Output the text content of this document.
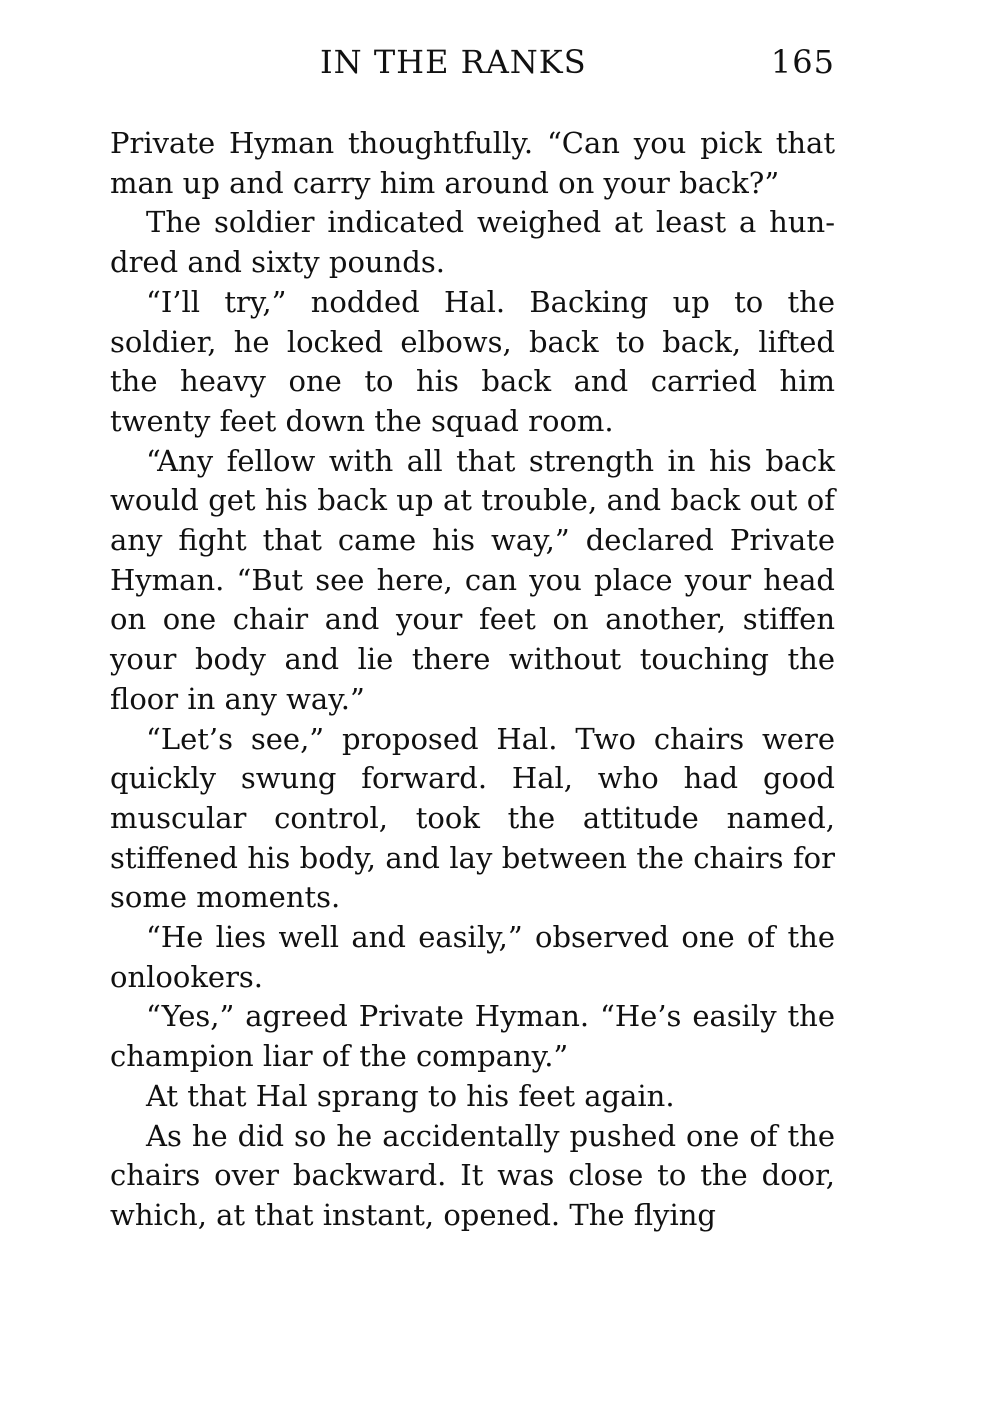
IN THE RANKS	165

Private Hyman thoughtfully. “Can you pick that man up and carry him around on your back?”

The soldier indicated weighed at least a hundred and sixty pounds.

“I’ll try,” nodded Hal. Backing up to the soldier, he locked elbows, back to back, lifted the heavy one to his back and carried him twenty feet down the squad room.

“Any fellow with all that strength in his back would get his back up at trouble, and back out of any fight that came his way,” declared Private Hyman. “But see here, can you place your head on one chair and your feet on another, stiffen your body and lie there without touching the floor in any way.”

“Let’s see,” proposed Hal. Two chairs were quickly swung forward. Hal, who had good muscular control, took the attitude named, stiffened his body, and lay between the chairs for some moments.

“He lies well and easily,” observed one of the onlookers.

“Yes,” agreed Private Hyman. “He’s easily the champion liar of the company.”

At that Hal sprang to his feet again.

As he did so he accidentally pushed one of the chairs over backward. It was close to the door, which, at that instant, opened. The flying
